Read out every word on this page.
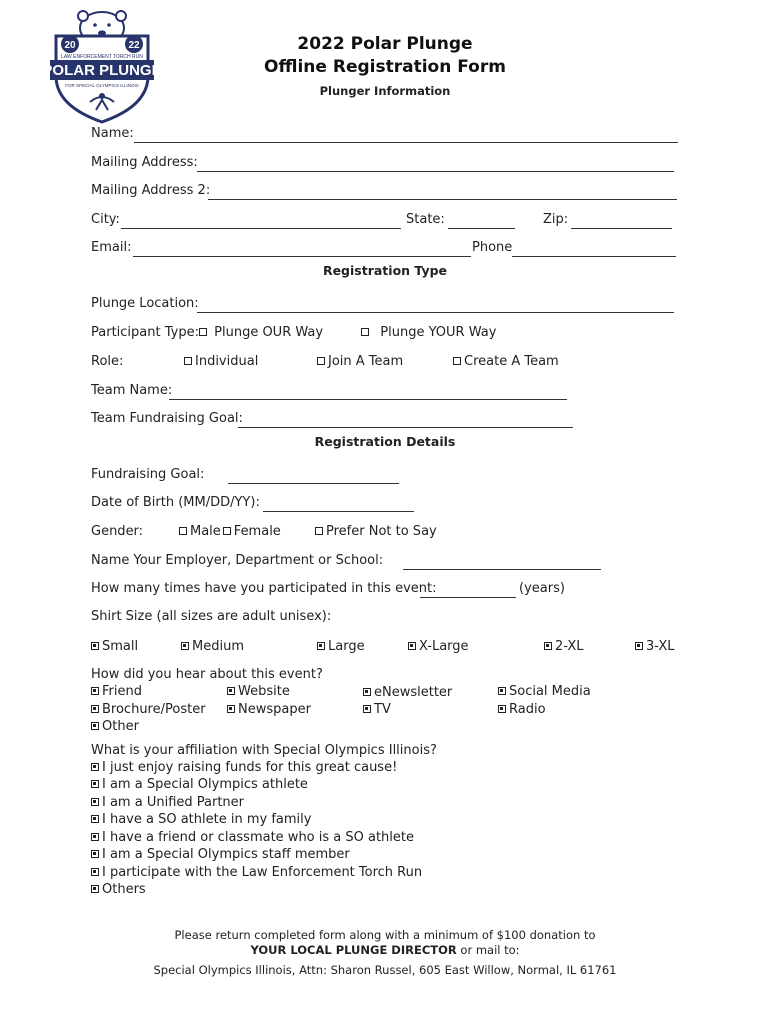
20	22
LAW ENFORCEMENT TORCH RUN
POLAR PLUNGE
FOR SPECIAL OLYMPICS ILLINOIS
2022 Polar Plunge
Offline Registration Form
Plunger Information
Name:
Mailing Address:
Mailing Address 2:
City:	State:	Zip:
Email:	Phone
Registration Type
Plunge Location:
Participant Type:	Plunge OUR Way	Plunge YOUR Way
Role:	Individual	Join A Team	Create A Team
Team Name:
Team Fundraising Goal:
Registration Details
Fundraising Goal:
Date of Birth (MM/DD/YY):
Gender:	Male Female	Prefer Not to Say
Name Your Employer, Department or School:
How many times have you participated in this event:	(years)
Shirt Size (all sizes are adult unisex):
Small	Medium	Large	X-Large	2-XL	3-XL
How did you hear about this event?
Friend	Website	eNewsletter	Social Media
Brochure/Poster	Newspaper	TV	Radio
Other
What is your affiliation with Special Olympics Illinois?
I just enjoy raising funds for this great cause!
I am a Special Olympics athlete
I am a Unified Partner
I have a SO athlete in my family
I have a friend or classmate who is a SO athlete
I am a Special Olympics staff member
I participate with the Law Enforcement Torch Run
Others
Please return completed form along with a minimum of $100 donation to
YOUR LOCAL PLUNGE DIRECTOR or mail to:
Special Olympics Illinois, Attn: Sharon Russel, 605 East Willow, Normal, IL 61761
